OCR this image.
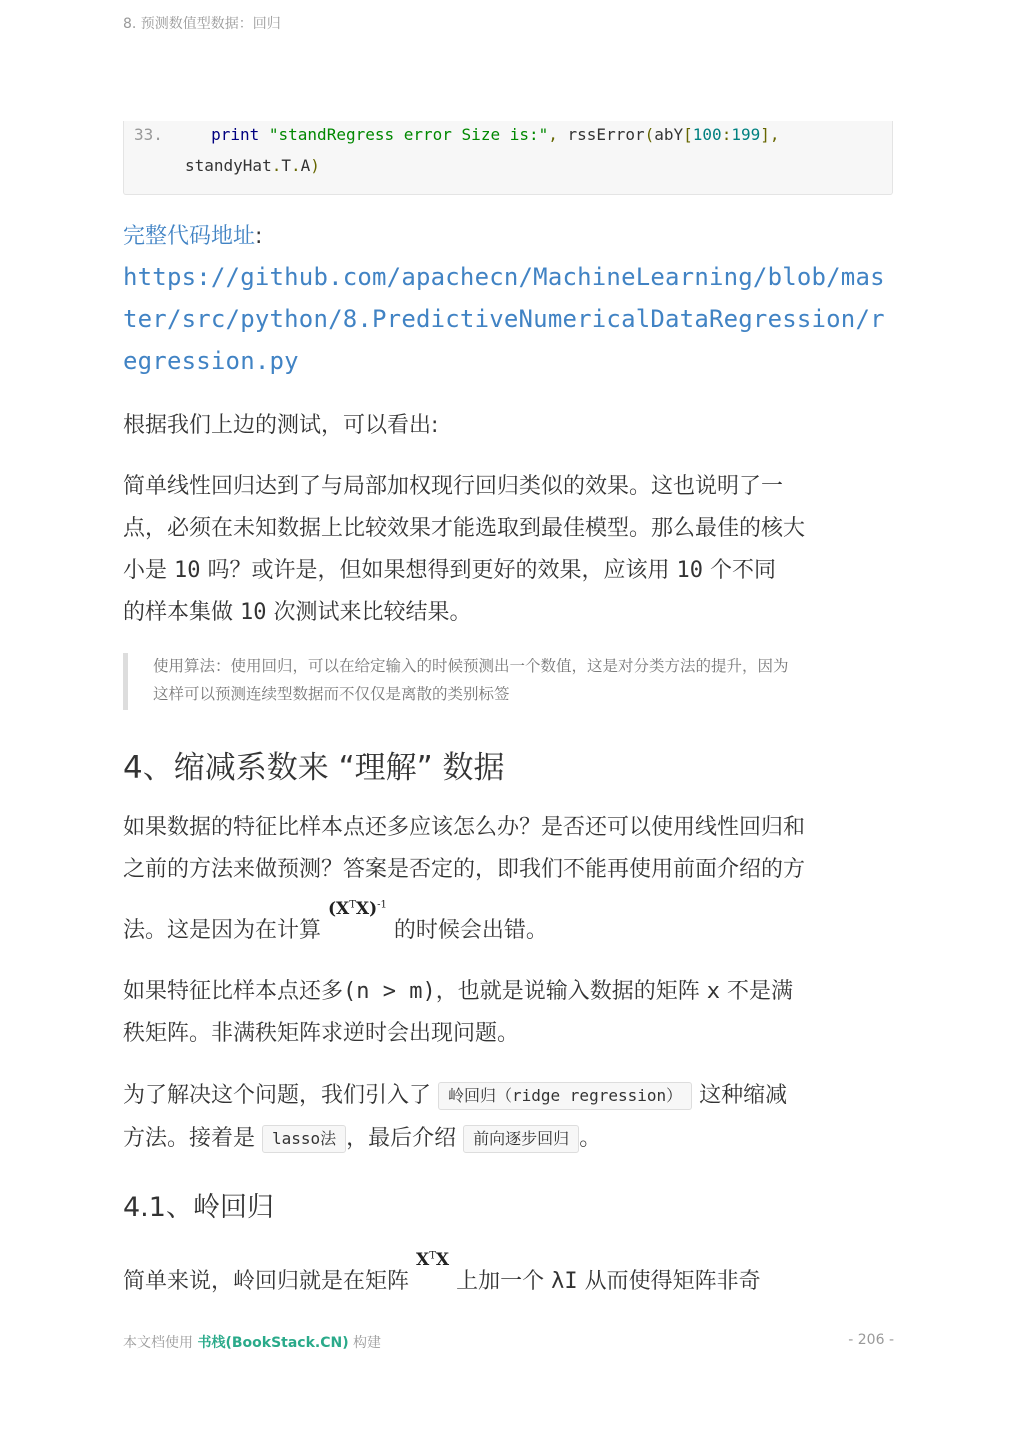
8. 预测数值型数据：回归
33.	print "standRegress error Size is:", rssError(abY[100:199],
standyHat.T.A)
完整代码地址:
https://github.com/apachecn/MachineLearning/blob/mas
ter/src/python/8.PredictiveNumericalDataRegression/r
egression.py
根据我们上边的测试，可以看出:
简单线性回归达到了与局部加权现行回归类似的效果。这也说明了一
点，必须在未知数据上比较效果才能选取到最佳模型。那么最佳的核大
小是 10 吗？或许是，但如果想得到更好的效果，应该用 10 个不同
的样本集做 10 次测试来比较结果。
使用算法：使用回归，可以在给定输入的时候预测出一个数值，这是对分类方法的提升，因为
这样可以预测连续型数据而不仅仅是离散的类别标签
4、缩减系数来 “理解” 数据
如果数据的特征比样本点还多应该怎么办？是否还可以使用线性回归和
之前的方法来做预测？答案是否定的，即我们不能再使用前面介绍的方
法。这是因为在计算 $(X^TX)^{-1}$ 的时候会出错。
如果特征比样本点还多(n > m)，也就是说输入数据的矩阵 x 不是满
秩矩阵。非满秩矩阵求逆时会出现问题。
为了解决这个问题，我们引入了 岭回归（ridge regression） 这种缩减
方法。接着是 lasso法 ，最后介绍 前向逐步回归 。
4.1、岭回归
简单来说，岭回归就是在矩阵 $X^TX$ 上加一个 λI 从而使得矩阵非奇
本文档使用 书栈(BookStack.CN) 构建	- 206 -
